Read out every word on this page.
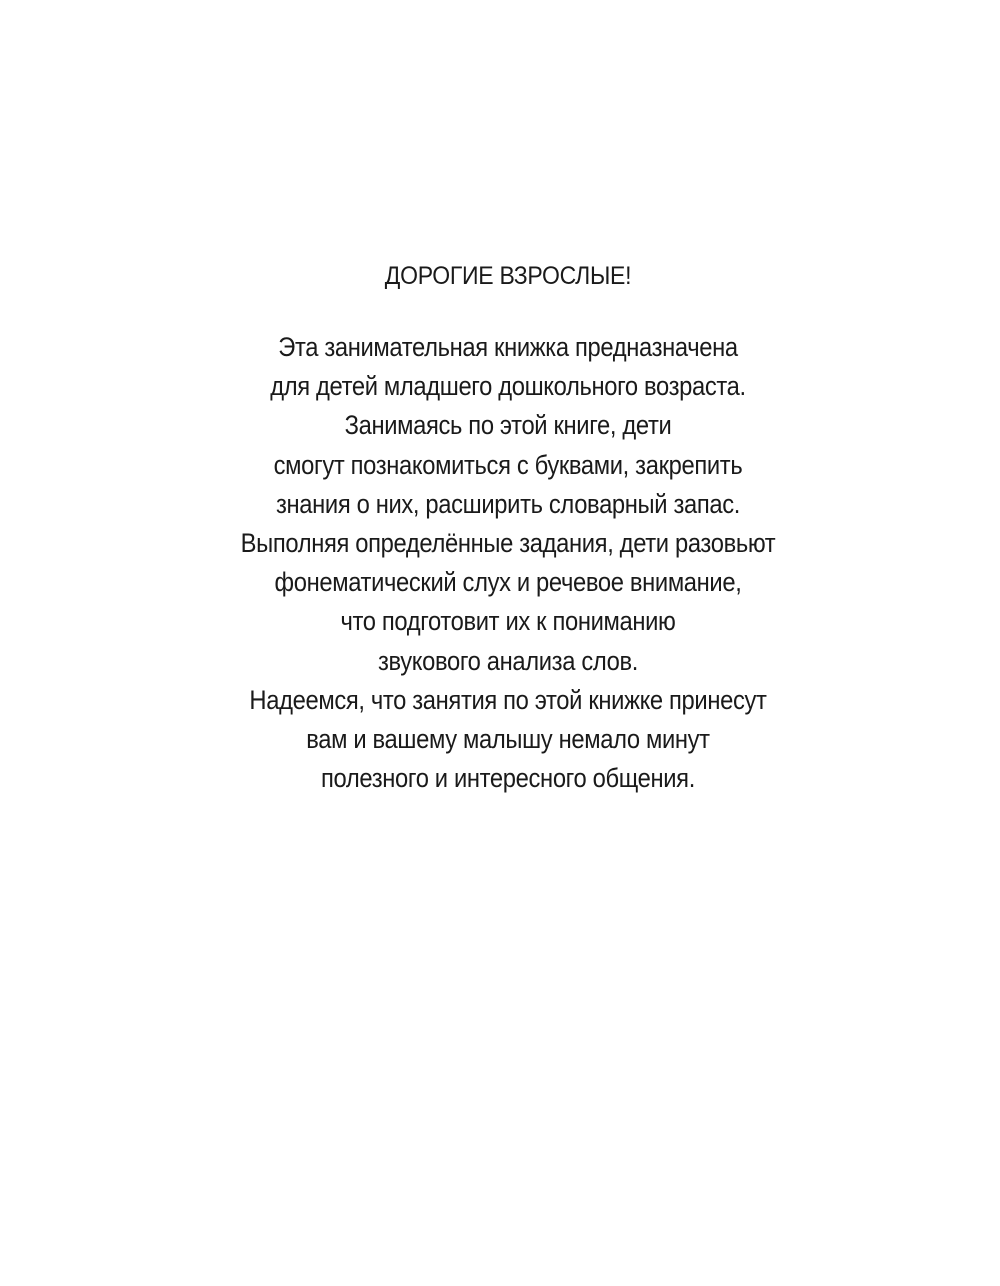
ДОРОГИЕ ВЗРОСЛЫЕ!
Эта занимательная книжка предназначена
для детей младшего дошкольного возраста.
Занимаясь по этой книге, дети
смогут познакомиться с буквами, закрепить
знания о них, расширить словарный запас.
Выполняя определённые задания, дети разовьют
фонематический слух и речевое внимание,
что подготовит их к пониманию
звукового анализа слов.
Надеемся, что занятия по этой книжке принесут
вам и вашему малышу немало минут
полезного и интересного общения.
